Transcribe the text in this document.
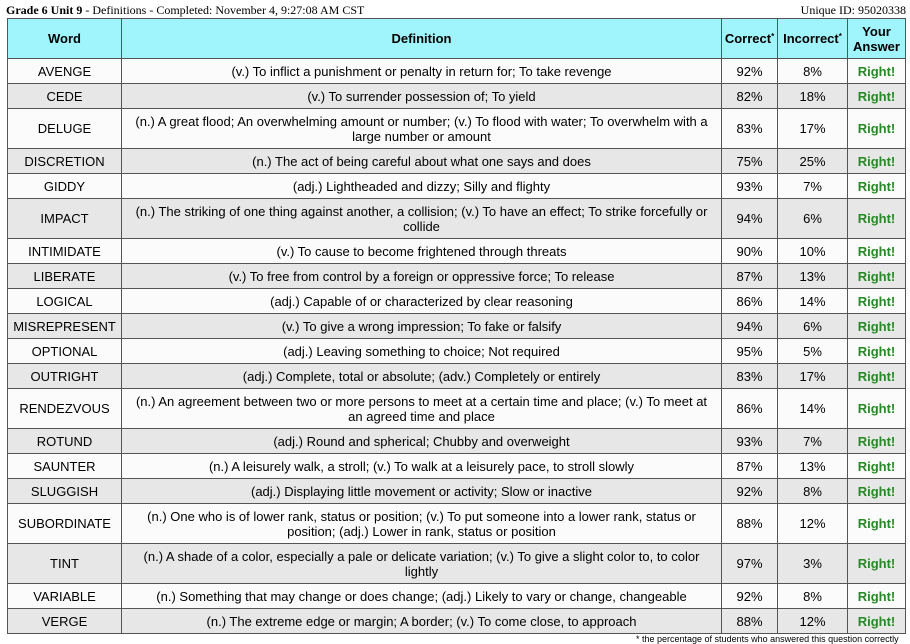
Grade 6 Unit 9 - Definitions - Completed: November 4, 9:27:08 AM CST	Unique ID: 95020338
Word	Definition	Correct*	Incorrect*	Your
Answer
AVENGE	(v.) To inflict a punishment or penalty in return for; To take revenge	92%	8%	Right!
CEDE	(v.) To surrender possession of; To yield	82%	18%	Right!
DELUGE	(n.) A great flood; An overwhelming amount or number; (v.) To flood with water; To overwhelm with a large number or amount	83%	17%	Right!
DISCRETION	(n.) The act of being careful about what one says and does	75%	25%	Right!
GIDDY	(adj.) Lightheaded and dizzy; Silly and flighty	93%	7%	Right!
IMPACT	(n.) The striking of one thing against another, a collision; (v.) To have an effect; To strike forcefully or collide	94%	6%	Right!
INTIMIDATE	(v.) To cause to become frightened through threats	90%	10%	Right!
LIBERATE	(v.) To free from control by a foreign or oppressive force; To release	87%	13%	Right!
LOGICAL	(adj.) Capable of or characterized by clear reasoning	86%	14%	Right!
MISREPRESENT	(v.) To give a wrong impression; To fake or falsify	94%	6%	Right!
OPTIONAL	(adj.) Leaving something to choice; Not required	95%	5%	Right!
OUTRIGHT	(adj.) Complete, total or absolute; (adv.) Completely or entirely	83%	17%	Right!
RENDEZVOUS	(n.) An agreement between two or more persons to meet at a certain time and place; (v.) To meet at an agreed time and place	86%	14%	Right!
ROTUND	(adj.) Round and spherical; Chubby and overweight	93%	7%	Right!
SAUNTER	(n.) A leisurely walk, a stroll; (v.) To walk at a leisurely pace, to stroll slowly	87%	13%	Right!
SLUGGISH	(adj.) Displaying little movement or activity; Slow or inactive	92%	8%	Right!
SUBORDINATE	(n.) One who is of lower rank, status or position; (v.) To put someone into a lower rank, status or position; (adj.) Lower in rank, status or position	88%	12%	Right!
TINT	(n.) A shade of a color, especially a pale or delicate variation; (v.) To give a slight color to, to color lightly	97%	3%	Right!
VARIABLE	(n.) Something that may change or does change; (adj.) Likely to vary or change, changeable	92%	8%	Right!
VERGE	(n.) The extreme edge or margin; A border; (v.) To come close, to approach	88%	12%	Right!
* the percentage of students who answered this question correctly
